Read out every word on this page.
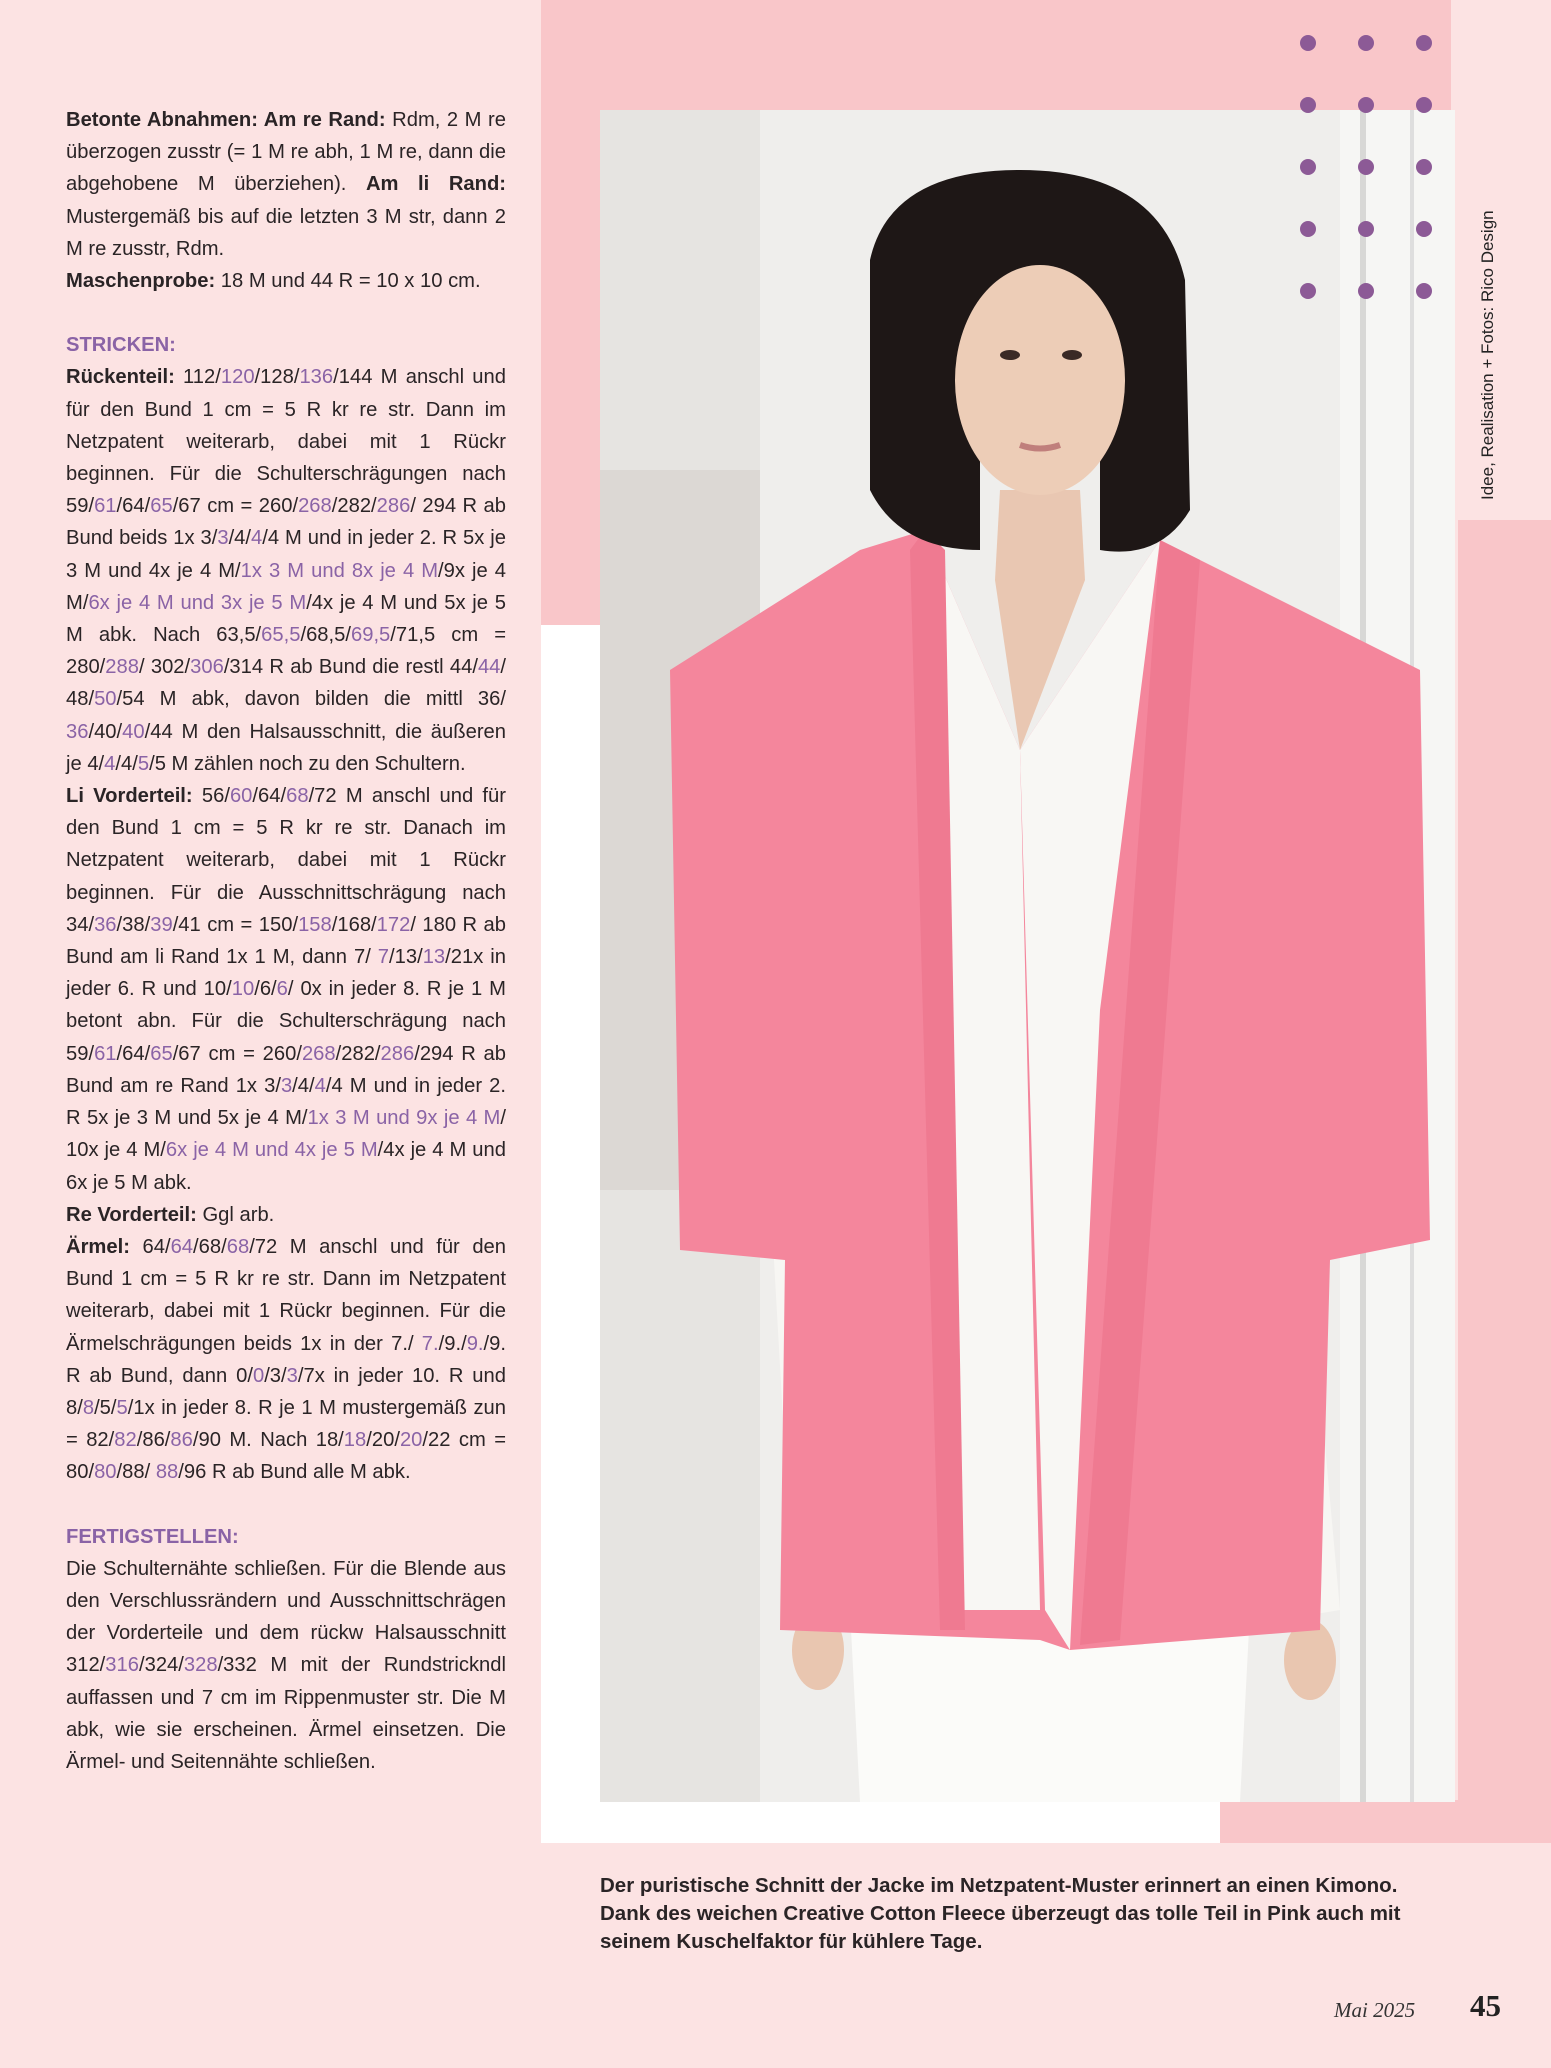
Idee, Realisation + Fotos: Rico Design

Betonte Abnahmen: Am re Rand: Rdm, 2 M re überzogen zusstr (= 1 M re abh, 1 M re, dann die abgehobene M überziehen). Am li Rand: Mustergemäß bis auf die letzten 3 M str, dann 2 M re zusstr, Rdm.

Maschenprobe: 18 M und 44 R = 10 x 10 cm.

STRICKEN:

Rückenteil: 112/120/128/136/144 M anschl und für den Bund 1 cm = 5 R kr re str. Dann im Netzpatent weiterarb, dabei mit 1 Rückr beginnen. Für die Schulterschrägungen nach 59/61/64/65/67 cm = 260/268/282/286/ 294 R ab Bund beids 1x 3/3/4/4/4 M und in jeder 2. R 5x je 3 M und 4x je 4 M/1x 3 M und 8x je 4 M/9x je 4 M/6x je 4 M und 3x je 5 M/4x je 4 M und 5x je 5 M abk. Nach 63,5/65,5/68,5/69,5/71,5 cm = 280/288/ 302/306/314 R ab Bund die restl 44/44/ 48/50/54 M abk, davon bilden die mittl 36/ 36/40/40/44 M den Halsausschnitt, die äußeren je 4/4/4/5/5 M zählen noch zu den Schultern.

Li Vorderteil: 56/60/64/68/72 M anschl und für den Bund 1 cm = 5 R kr re str. Danach im Netzpatent weiterarb, dabei mit 1 Rückr beginnen. Für die Ausschnittschrägung nach 34/36/38/39/41 cm = 150/158/168/172/ 180 R ab Bund am li Rand 1x 1 M, dann 7/ 7/13/13/21x in jeder 6. R und 10/10/6/6/ 0x in jeder 8. R je 1 M betont abn. Für die Schulterschrägung nach 59/61/64/65/67 cm = 260/268/282/286/294 R ab Bund am re Rand 1x 3/3/4/4/4 M und in jeder 2. R 5x je 3 M und 5x je 4 M/1x 3 M und 9x je 4 M/ 10x je 4 M/6x je 4 M und 4x je 5 M/4x je 4 M und 6x je 5 M abk.

Re Vorderteil: Ggl arb.

Ärmel: 64/64/68/68/72 M anschl und für den Bund 1 cm = 5 R kr re str. Dann im Netzpatent weiterarb, dabei mit 1 Rückr beginnen. Für die Ärmelschrägungen beids 1x in der 7./ 7./9./9./9. R ab Bund, dann 0/0/3/3/7x in jeder 10. R und 8/8/5/5/1x in jeder 8. R je 1 M mustergemäß zun = 82/82/86/86/90 M. Nach 18/18/20/20/22 cm = 80/80/88/ 88/96 R ab Bund alle M abk.

FERTIGSTELLEN:

Die Schulternähte schließen. Für die Blende aus den Verschlussrändern und Ausschnittschrägen der Vorderteile und dem rückw Halsausschnitt 312/316/324/328/332 M mit der Rundstrickndl auffassen und 7 cm im Rippenmuster str. Die M abk, wie sie erscheinen. Ärmel einsetzen. Die Ärmel- und Seitennähte schließen.

Der puristische Schnitt der Jacke im Netzpatent-Muster erinnert an einen Kimono. Dank des weichen Creative Cotton Fleece überzeugt das tolle Teil in Pink auch mit seinem Kuschelfaktor für kühlere Tage.
Mai 2025 45
